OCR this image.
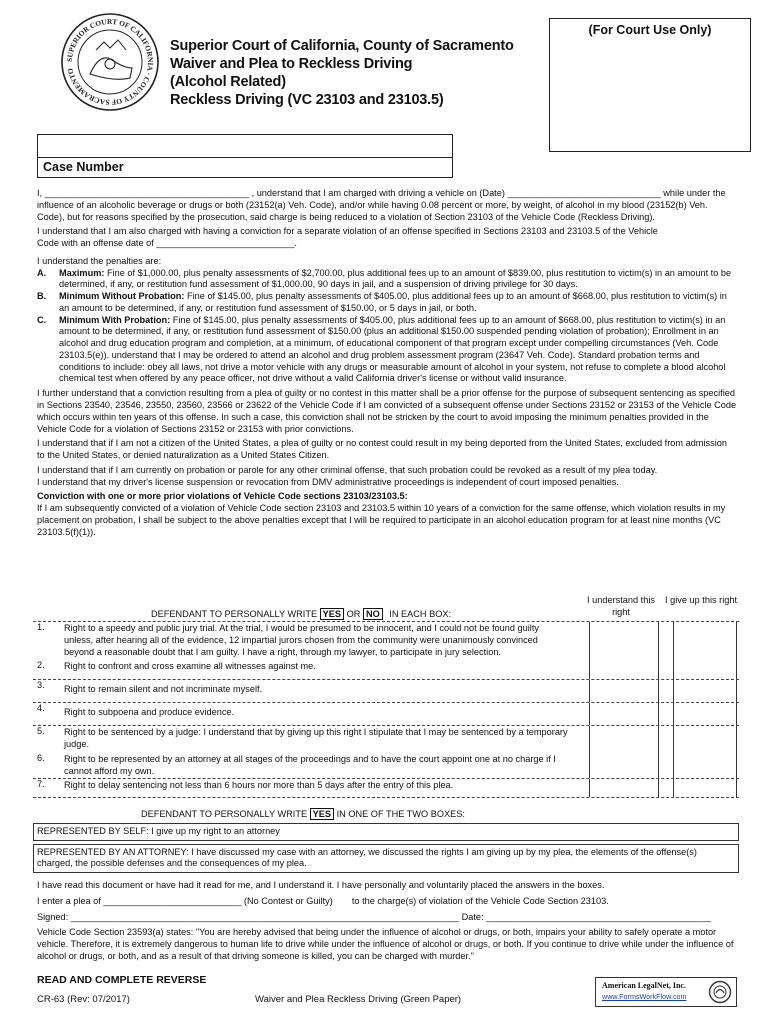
SUPERIOR COURT OF CALIFORNIA · COUNTY OF SACRAMENTO
Superior Court of California, County of Sacramento
Waiver and Plea to Reckless Driving
(Alcohol Related)
Reckless Driving (VC 23103 and 23103.5)
(For Court Use Only)
Case Number

I, ________________________________________ , understand that I am charged with driving a vehicle on (Date) ______________________________ while under the influence of an alcoholic beverage or drugs or both (23152(a) Veh. Code), and/or while having 0.08 percent or more, by weight, of alcohol in my blood (23152(b) Veh. Code), but for reasons specified by the prosecution, said charge is being reduced to a violation of Section 23103 of the Vehicle Code (Reckless Driving).

I understand that I am also charged with having a conviction for a separate violation of an offense specified in Sections 23103 and 23103.5 of the Vehicle

Code with an offense date of ___________________________.

I understand the penalties are:

A.	Maximum: Fine of $1,000.00, plus penalty assessments of $2,700.00, plus additional fees up to an amount of $839.00, plus restitution to victim(s) in an amount to be determined, if any, or restitution fund assessment of $1,000.00, 90 days in jail, and a suspension of driving privilege for 30 days.
B.	Minimum Without Probation: Fine of $145.00, plus penalty assessments of $405.00, plus additional fees up to an amount of $668.00, plus restitution to victim(s) in an amount to be determined, if any, or restitution fund assessment of $150.00, or 5 days in jail, or both.
C.	Minimum With Probation: Fine of $145.00, plus penalty assessments of $405.00, plus additional fees up to an amount of $668.00, plus restitution to victim(s) in an amount to be determined, if any, or restitution fund assessment of $150.00 (plus an additional $150.00 suspended pending violation of probation); Enrollment in an alcohol and drug education program and completion, at a minimum, of educational component of that program except under compelling circumstances (Veh. Code 23103.5(e)). understand that I may be ordered to attend an alcohol and drug problem assessment program (23647 Veh. Code). Standard probation terms and conditions to include: obey all laws, not drive a motor vehicle with any drugs or measurable amount of alcohol in your system, not refuse to complete a blood alcohol chemical test when offered by any peace officer, not drive without a valid California driver's license or without valid insurance.

I further understand that a conviction resulting from a plea of guilty or no contest in this matter shall be a prior offense for the purpose of subsequent sentencing as specified in Sections 23540, 23546, 23550, 23560, 23566 or 23622 of the Vehicle Code if I am convicted of a subsequent offense under Sections 23152 or 23153 of the Vehicle Code which occurs within ten years of this offense. In such a case, this conviction shall not be stricken by the court to avoid imposing the minimum penalties provided in the Vehicle Code for a violation of Sections 23152 or 23153 with prior convictions.

I understand that if I am not a citizen of the United States, a plea of guilty or no contest could result in my being deported from the United States, excluded from admission to the United States, or denied naturalization as a United States Citizen.

I understand that if I am currently on probation or parole for any other criminal offense, that such probation could be revoked as a result of my plea today.

I understand that my driver's license suspension or revocation from DMV administrative proceedings is independent of court imposed penalties.

Conviction with one or more prior violations of Vehicle Code sections 23103/23103.5:

If I am subsequently convicted of a violation of Vehicle Code section 23103 and 23103.5 within 10 years of a conviction for the same offense, which violation results in my placement on probation, I shall be subject to the above penalties except that I will be required to participate in an alcohol education program for at least nine months (VC 23103.5(f)(1)).

DEFENDANT TO PERSONALLY WRITE YES OR NO IN EACH BOX:
I understand this right
I give up this right
1.	Right to a speedy and public jury trial. At the trial, I would be presumed to be innocent, and I could not be found guilty unless, after hearing all of the evidence, 12 impartial jurors chosen from the community were unanimously convinced beyond a reasonable doubt that I am guilty. I have a right, through my lawyer, to participate in jury selection.
2.	Right to confront and cross examine all witnesses against me.
3.	Right to remain silent and not incriminate myself.
4.	Right to subpoena and produce evidence.
5.	Right to be sentenced by a judge: I understand that by giving up this right I stipulate that I may be sentenced by a temporary judge.
6.	Right to be represented by an attorney at all stages of the proceedings and to have the court appoint one at no charge if I cannot afford my own.
7.	Right to delay sentencing not less than 6 hours nor more than 5 days after the entry of this plea.
DEFENDANT TO PERSONALLY WRITE YES IN ONE OF THE TWO BOXES:
REPRESENTED BY SELF: I give up my right to an attorney
REPRESENTED BY AN ATTORNEY: I have discussed my case with an attorney, we discussed the rights I am giving up by my plea, the elements of the offense(s) charged, the possible defenses and the consequences of my plea.

I have read this document or have had it read for me, and I understand it. I have personally and voluntarily placed the answers in the boxes.

I enter a plea of ___________________________ (No Contest or Guilty) to the charge(s) of violation of the Vehicle Code Section 23103.

Signed: ____________________________________________________________________________ Date: ____________________________________________

Vehicle Code Section 23593(a) states: "You are hereby advised that being under the influence of alcohol or drugs, or both, impairs your ability to safely operate a motor vehicle. Therefore, it is extremely dangerous to human life to drive while under the influence of alcohol or drugs, or both. If you continue to drive while under the influence of alcohol or drugs, or both, and as a result of that driving someone is killed, you can be charged with murder."

READ AND COMPLETE REVERSE
CR-63 (Rev: 07/2017)	Waiver and Plea Reckless Driving (Green Paper)
American LegalNet, Inc.
www.FormsWorkFlow.com
